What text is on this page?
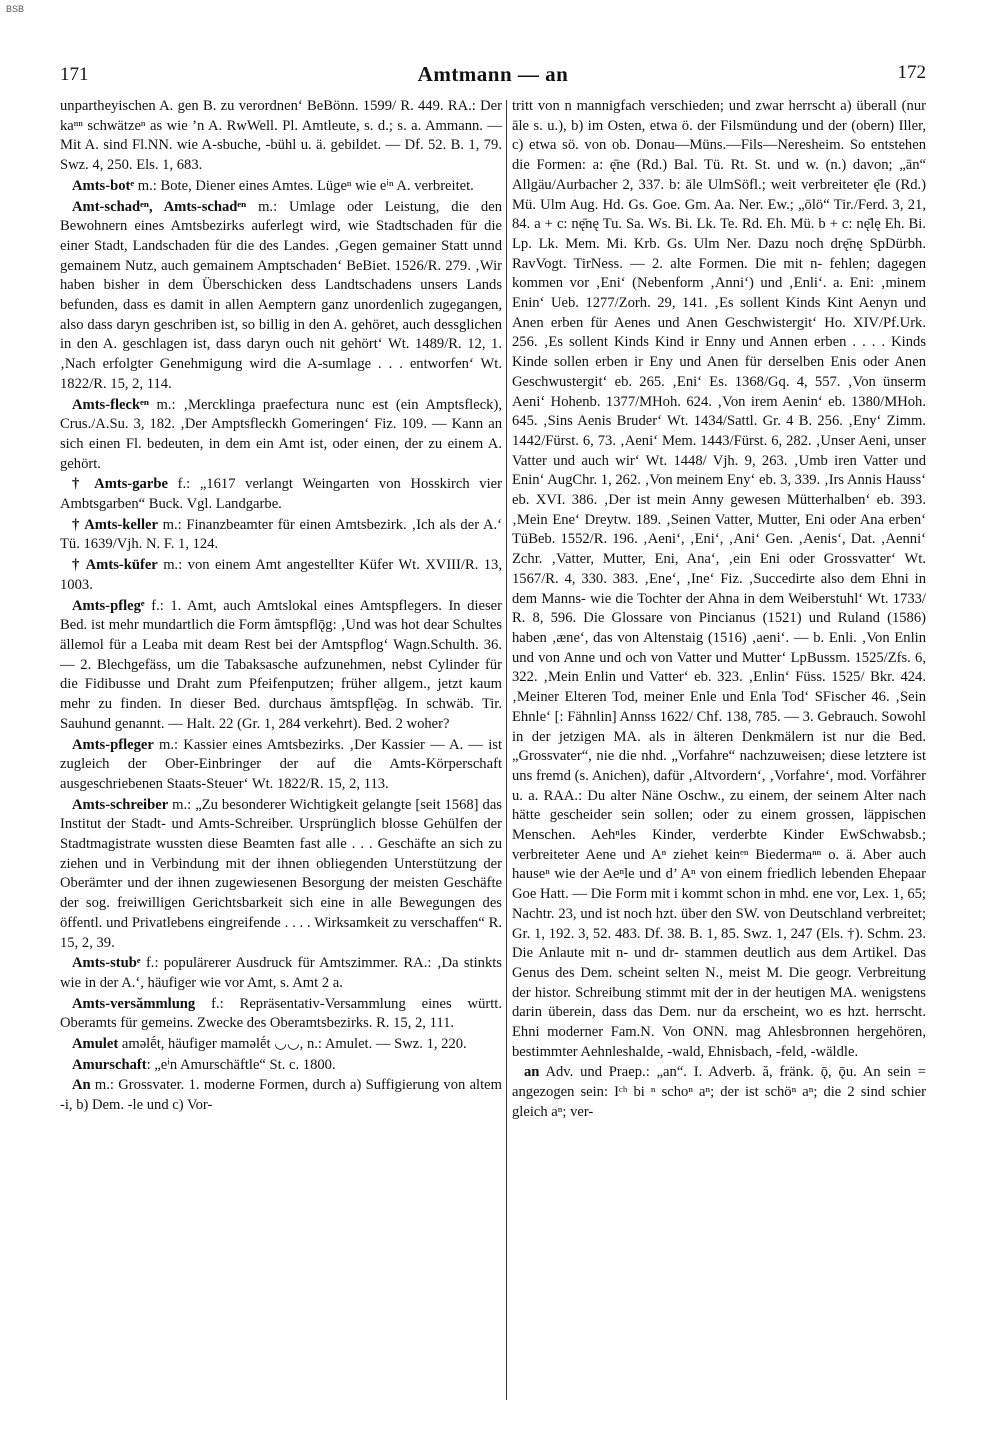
BSB
171	Amtmann — an	172

unpartheyischen A. gen B. zu verordnen‘ BeBönn. 1599/ R. 449. RA.: Der kaⁿⁿ schwätzeⁿ as wie ’n A. RwWell. Pl. Amtleute, s. d.; s. a. Ammann. — Mit A. sind Fl.NN. wie A-sbuche, -bühl u. ä. gebildet. — Df. 52. B. 1, 79. Swz. 4, 250. Els. 1, 683.

Amts-botᵉ m.: Bote, Diener eines Amtes. Lügeⁿ wie eⁱⁿ A. verbreitet.

Amt-schadᵉⁿ, Amts-schadᵉⁿ m.: Umlage oder Leistung, die den Bewohnern eines Amtsbezirks auferlegt wird, wie Stadtschaden für die einer Stadt, Landschaden für die des Landes. ‚Gegen gemainer Statt unnd gemainem Nutz, auch gemainem Amptschaden‘ BeBiet. 1526/R. 279. ‚Wir haben bisher in dem Überschicken dess Landtschadens unsers Lands befunden, dass es damit in allen Aemptern ganz unordenlich zugegangen, also dass daryn geschriben ist, so billig in den A. gehöret, auch dessglichen in den A. geschlagen ist, dass daryn ouch nit gehört‘ Wt. 1489/R. 12, 1. ‚Nach erfolgter Genehmigung wird die A-sumlage . . . entworfen‘ Wt. 1822/R. 15, 2, 114.

Amts-fleckᵉⁿ m.: ‚Mercklinga praefectura nunc est (ein Amptsfleck), Crus./A.Su. 3, 182. ‚Der Amptsfleckh Gomeringen‘ Fiz. 109. — Kann an sich einen Fl. bedeuten, in dem ein Amt ist, oder einen, der zu einem A. gehört.

† Amts-garbe f.: „1617 verlangt Weingarten von Hosskirch vier Ambtsgarben“ Buck. Vgl. Landgarbe.

† Amts-keller m.: Finanzbeamter für einen Amtsbezirk. ‚Ich als der A.‘ Tü. 1639/Vjh. N. F. 1, 124.

† Amts-küfer m.: von einem Amt angestellter Küfer Wt. XVIII/R. 13, 1003.

Amts-pflegᵉ f.: 1. Amt, auch Amtslokal eines Amtspflegers. In dieser Bed. ist mehr mundartlich die Form ămtspflǭg: ‚Und was hot dear Schultes ällemol für a Leaba mit deam Rest bei der Amtspflog‘ Wagn.Schulth. 36. — 2. Blechgefäss, um die Tabaksasche aufzunehmen, nebst Cylinder für die Fidibusse und Draht zum Pfeifenputzen; früher allgem., jetzt kaum mehr zu finden. In dieser Bed. durchaus ămtspflę̄əg. In schwäb. Tir. Sauhund genannt. — Halt. 22 (Gr. 1, 284 verkehrt). Bed. 2 woher?

Amts-pfleger m.: Kassier eines Amtsbezirks. ‚Der Kassier — A. — ist zugleich der Ober-Einbringer der auf die Amts-Körperschaft ausgeschriebenen Staats-Steuer‘ Wt. 1822/R. 15, 2, 113.

Amts-schreiber m.: „Zu besonderer Wichtigkeit gelangte [seit 1568] das Institut der Stadt- und Amts-Schreiber. Ursprünglich blosse Gehülfen der Stadtmagistrate wussten diese Beamten fast alle . . . Geschäfte an sich zu ziehen und in Verbindung mit der ihnen obliegenden Unterstützung der Oberämter und der ihnen zugewiesenen Besorgung der meisten Geschäfte der sog. freiwilligen Gerichtsbarkeit sich eine in alle Bewegungen des öffentl. und Privatlebens eingreifende . . . . Wirksamkeit zu verschaffen“ R. 15, 2, 39.

Amts-stubᵉ f.: populärerer Ausdruck für Amtszimmer. RA.: ‚Da stinkts wie in der A.‘, häufiger wie vor Amt, s. Amt 2 a.

Amts-versămmlung f.: Repräsentativ-Versammlung eines württ. Oberamts für gemeins. Zwecke des Oberamtsbezirks. R. 15, 2, 111.

Amulet aməlḗt, häufiger maməlḗt ◡◡, n.: Amulet. — Swz. 1, 220.

Amurschaft: „eⁱn Amurschäftle“ St. c. 1800.

An m.: Grossvater. 1. moderne Formen, durch a) Suffigierung von altem -i, b) Dem. -le und c) Vor-

tritt von n mannigfach verschieden; und zwar herrscht a) überall (nur āle s. u.), b) im Osten, etwa ö. der Filsmündung und der (obern) Iller, c) etwa sö. von ob. Donau—Müns.—Fils—Neresheim. So entstehen die Formen: a: ę̄ne (Rd.) Bal. Tü. Rt. St. und w. (n.) davon; „ān“ Allgäu/Aurbacher 2, 337. b: āle UlmSöfl.; weit verbreiteter ę̄le (Rd.) Mü. Ulm Aug. Hd. Gs. Goe. Gm. Aa. Ner. Ew.; „ōlö“ Tir./Ferd. 3, 21, 84. a + c: nę̄nę Tu. Sa. Ws. Bi. Lk. Te. Rd. Eh. Mü. b + c: nę̄lę Eh. Bi. Lp. Lk. Mem. Mi. Krb. Gs. Ulm Ner. Dazu noch drę̄nę SpDürbh. RavVogt. TirNess. — 2. alte Formen. Die mit n- fehlen; dagegen kommen vor ‚Eni‘ (Nebenform ‚Anni‘) und ‚Enli‘. a. Eni: ‚minem Enin‘ Ueb. 1277/Zorh. 29, 141. ‚Es sollent Kinds Kint Aenyn und Anen erben für Aenes und Anen Geschwistergit‘ Ho. XIV/Pf.Urk. 256. ‚Es sollent Kinds Kind ir Enny und Annen erben . . . . Kinds Kinde sollen erben ir Eny und Anen für derselben Enis oder Anen Geschwustergit‘ eb. 265. ‚Eni‘ Es. 1368/Gq. 4, 557. ‚Von ünserm Aeni‘ Hohenb. 1377/MHoh. 624. ‚Von irem Aenin‘ eb. 1380/MHoh. 645. ‚Sins Aenis Bruder‘ Wt. 1434/Sattl. Gr. 4 B. 256. ‚Eny‘ Zimm. 1442/Fürst. 6, 73. ‚Aeni‘ Mem. 1443/Fürst. 6, 282. ‚Unser Aeni, unser Vatter und auch wir‘ Wt. 1448/ Vjh. 9, 263. ‚Umb iren Vatter und Enin‘ AugChr. 1, 262. ‚Von meinem Eny‘ eb. 3, 339. ‚Irs Annis Hauss‘ eb. XVI. 386. ‚Der ist mein Anny gewesen Mütterhalben‘ eb. 393. ‚Mein Ene‘ Dreytw. 189. ‚Seinen Vatter, Mutter, Eni oder Ana erben‘ TüBeb. 1552/R. 196. ‚Aeni‘, ‚Eni‘, ‚Ani‘ Gen. ‚Aenis‘, Dat. ‚Aenni‘ Zchr. ‚Vatter, Mutter, Eni, Ana‘, ‚ein Eni oder Grossvatter‘ Wt. 1567/R. 4, 330. 383. ‚Ene‘, ‚Ine‘ Fiz. ‚Succedirte also dem Ehni in dem Manns- wie die Tochter der Ahna in dem Weiberstuhl‘ Wt. 1733/ R. 8, 596. Die Glossare von Pincianus (1521) und Ruland (1586) haben ‚æne‘, das von Altenstaig (1516) ‚aeni‘. — b. Enli. ‚Von Enlin und von Anne und och von Vatter und Mutter‘ LpBussm. 1525/Zfs. 6, 322. ‚Mein Enlin und Vatter‘ eb. 323. ‚Enlin‘ Füss. 1525/ Bkr. 424. ‚Meiner Elteren Tod, meiner Enle und Enla Tod‘ SFischer 46. ‚Sein Ehnle‘ [: Fähnlin] Annss 1622/ Chf. 138, 785. — 3. Gebrauch. Sowohl in der jetzigen MA. als in älteren Denkmälern ist nur die Bed. „Grossvater“, nie die nhd. „Vorfahre“ nachzuweisen; diese letztere ist uns fremd (s. Anichen), dafür ‚Altvordern‘, ‚Vorfahre‘, mod. Vorfährer u. a. RAA.: Du alter Näne Oschw., zu einem, der seinem Alter nach hätte gescheider sein sollen; oder zu einem grossen, läppischen Menschen. Aehⁿles Kinder, verderbte Kinder EwSchwabsb.; verbreiteter Aene und Aⁿ ziehet keinᵉⁿ Biedermaⁿⁿ o. ä. Aber auch hauseⁿ wie der Aeⁿle und d’ Aⁿ von einem friedlich lebenden Ehepaar Goe Hatt. — Die Form mit i kommt schon in mhd. ene vor, Lex. 1, 65; Nachtr. 23, und ist noch hzt. über den SW. von Deutschland verbreitet; Gr. 1, 192. 3, 52. 483. Df. 38. B. 1, 85. Swz. 1, 247 (Els. †). Schm. 23. Die Anlaute mit n- und dr- stammen deutlich aus dem Artikel. Das Genus des Dem. scheint selten N., meist M. Die geogr. Verbreitung der histor. Schreibung stimmt mit der in der heutigen MA. wenigstens darin überein, dass das Dem. nur da erscheint, wo es hzt. herrscht. Ehni moderner Fam.N. Von ONN. mag Ahlesbronnen hergehören, bestimmter Aehnleshalde, -wald, Ehnisbach, -feld, -wäldle.

an Adv. und Praep.: „an“. I. Adverb. ă, fränk. ǭ, ǭu. An sein = angezogen sein: Iᶜʰ bi ⁿ schoⁿ aⁿ; der ist schöⁿ aⁿ; die 2 sind schier gleich aⁿ; ver-
